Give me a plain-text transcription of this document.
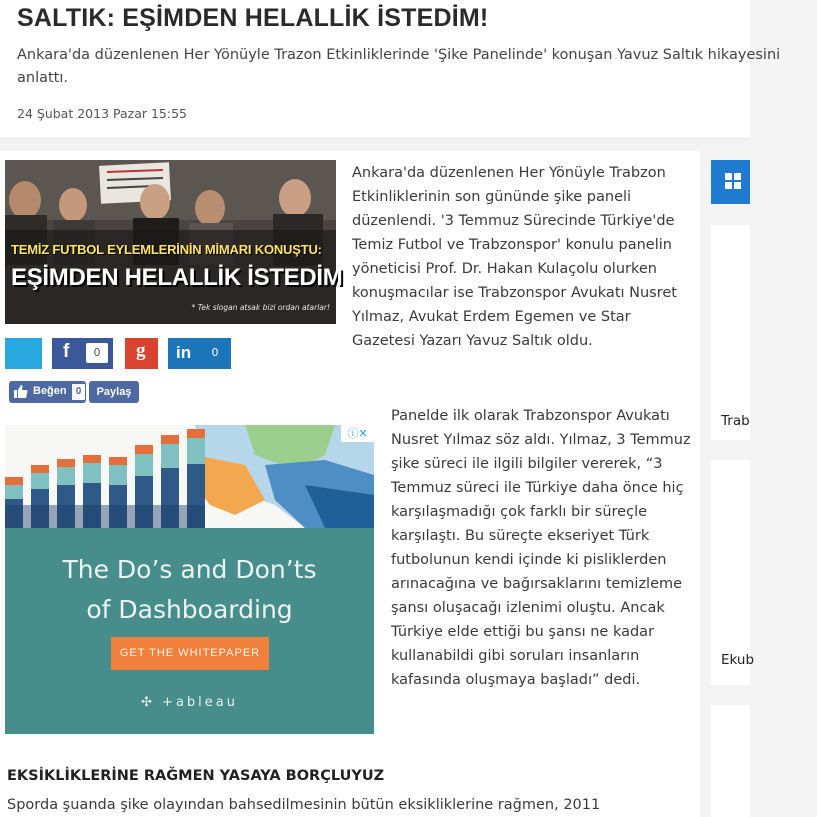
SALTIK: EŞİMDEN HELALLİK İSTEDİM!

Ankara'da düzenlenen Her Yönüyle Trazon Etkinliklerinde 'Şike Panelinde' konuşan Yavuz Saltık hikayesini anlattı.

24 Şubat 2013 Pazar 15:55
TEMİZ FUTBOL EYLEMLERİNİN MİMARI KONUŞTU:
EŞİMDEN HELALLİK İSTEDİM
* Tek slogan atsak bizi ordan atarlar!
f	0	g in	0
Beğen 0	Paylaş
ⓘ✕
The Do’s and Don’ts
of Dashboarding
GET THE WHITEPAPER
✣ +ableau

Ankara'da düzenlenen Her Yönüyle Trabzon Etkinliklerinin son gününde şike paneli düzenlendi. '3 Temmuz Sürecinde Türkiye'de Temiz Futbol ve Trabzonspor' konulu panelin yöneticisi Prof. Dr. Hakan Kulaçolu olurken konuşmacılar ise Trabzonspor Avukatı Nusret Yılmaz, Avukat Erdem Egemen ve Star Gazetesi Yazarı Yavuz Saltık oldu.

Panelde ilk olarak Trabzonspor Avukatı Nusret Yılmaz söz aldı. Yılmaz, 3 Temmuz şike süreci ile ilgili bilgiler vererek, “3 Temmuz süreci ile Türkiye daha önce hiç karşılaşmadığı çok farklı bir süreçle karşılaştı. Bu süreçte ekseriyet Türk futbolunun kendi içinde ki pisliklerden arınacağına ve bağırsaklarını temizleme şansı oluşacağı izlenimi oluştu. Ancak Türkiye elde ettiği bu şansı ne kadar kullanabildi gibi soruları insanların kafasında oluşmaya başladı” dedi.

EKSİKLİKLERİNE RAĞMEN YASAYA BORÇLUYUZ

Sporda şuanda şike olayından bahsedilmesinin bütün eksikliklerine rağmen, 2011

Trab
Ekub
